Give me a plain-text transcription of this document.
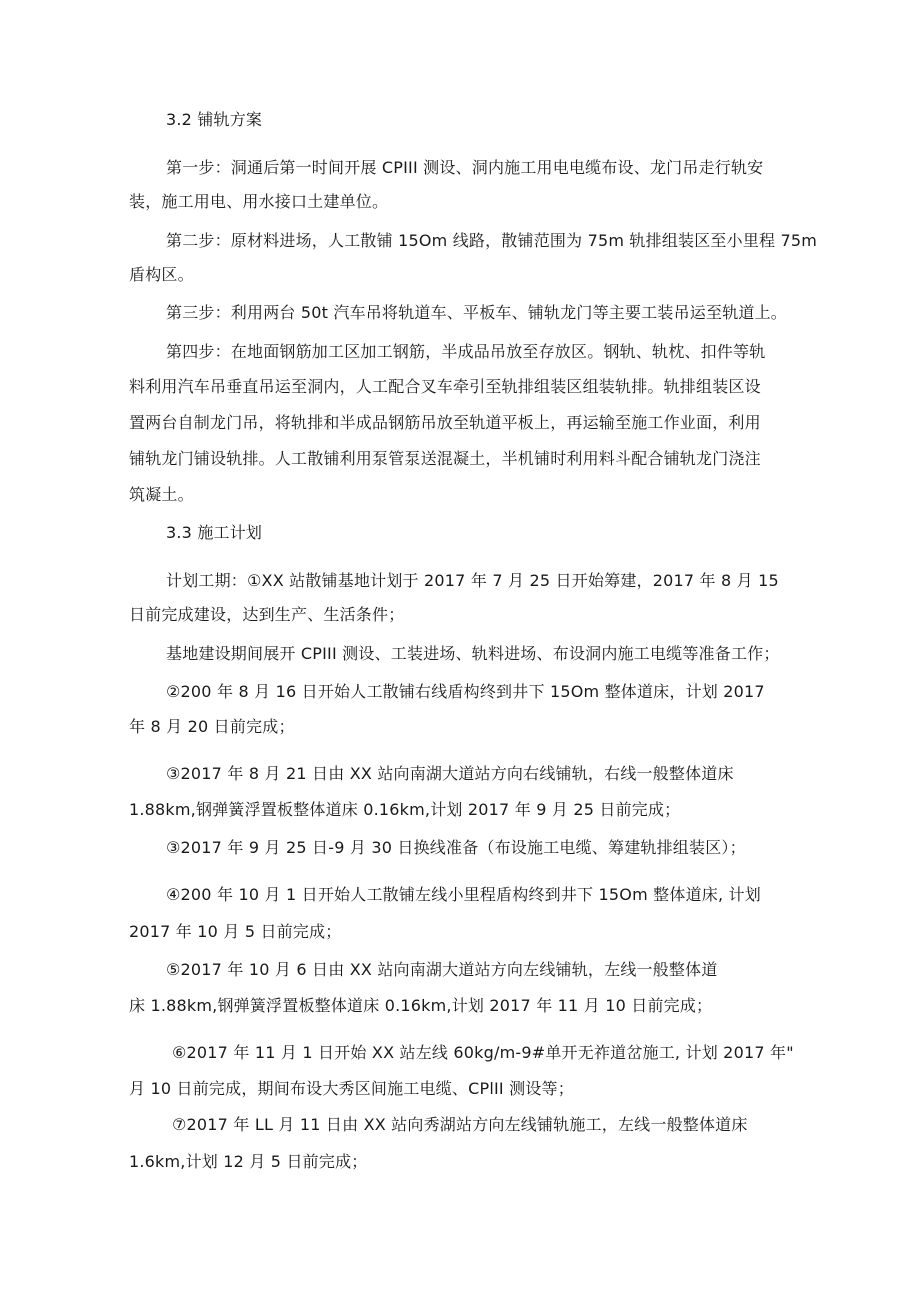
3.2 铺轨方案
第一步：洞通后第一时间开展 CPIII 测设、洞内施工用电电缆布设、龙门吊走行轨安
装，施工用电、用水接口土建单位。
第二步：原材料进场，人工散铺 15Om 线路，散铺范围为 75m 轨排组装区至小里程 75m
盾构区。
第三步：利用两台 50t 汽车吊将轨道车、平板车、铺轨龙门等主要工装吊运至轨道上。
第四步：在地面钢筋加工区加工钢筋，半成品吊放至存放区。钢轨、轨枕、扣件等轨
料利用汽车吊垂直吊运至洞内，人工配合叉车牵引至轨排组装区组装轨排。轨排组装区设
置两台自制龙门吊，将轨排和半成品钢筋吊放至轨道平板上，再运输至施工作业面，利用
铺轨龙门铺设轨排。人工散铺利用泵管泵送混凝土，半机铺时利用料斗配合铺轨龙门浇注
筑凝土。
3.3 施工计划
计划工期：①XX 站散铺基地计划于 2017 年 7 月 25 日开始筹建，2017 年 8 月 15
日前完成建设，达到生产、生活条件；
基地建设期间展开 CPIII 测设、工装进场、轨料进场、布设洞内施工电缆等准备工作；
②200 年 8 月 16 日开始人工散铺右线盾构终到井下 15Om 整体道床，计划 2017
年 8 月 20 日前完成；
③2017 年 8 月 21 日由 XX 站向南湖大道站方向右线铺轨，右线一般整体道床
1.88km,钢弹簧浮置板整体道床 0.16km,计划 2017 年 9 月 25 日前完成；
③2017 年 9 月 25 日-9 月 30 日换线准备（布设施工电缆、筹建轨排组装区）；
④200 年 10 月 1 日开始人工散铺左线小里程盾构终到井下 15Om 整体道床, 计划
2017 年 10 月 5 日前完成；
⑤2017 年 10 月 6 日由 XX 站向南湖大道站方向左线铺轨，左线一般整体道
床 1.88km,钢弹簧浮置板整体道床 0.16km,计划 2017 年 11 月 10 日前完成；
⑥2017 年 11 月 1 日开始 XX 站左线 60kg/m-9#单开无祚道岔施工, 计划 2017 年"
月 10 日前完成，期间布设大秀区间施工电缆、CPlII 测设等；
⑦2017 年 LL 月 11 日由 XX 站向秀湖站方向左线铺轨施工，左线一般整体道床
1.6km,计划 12 月 5 日前完成；
